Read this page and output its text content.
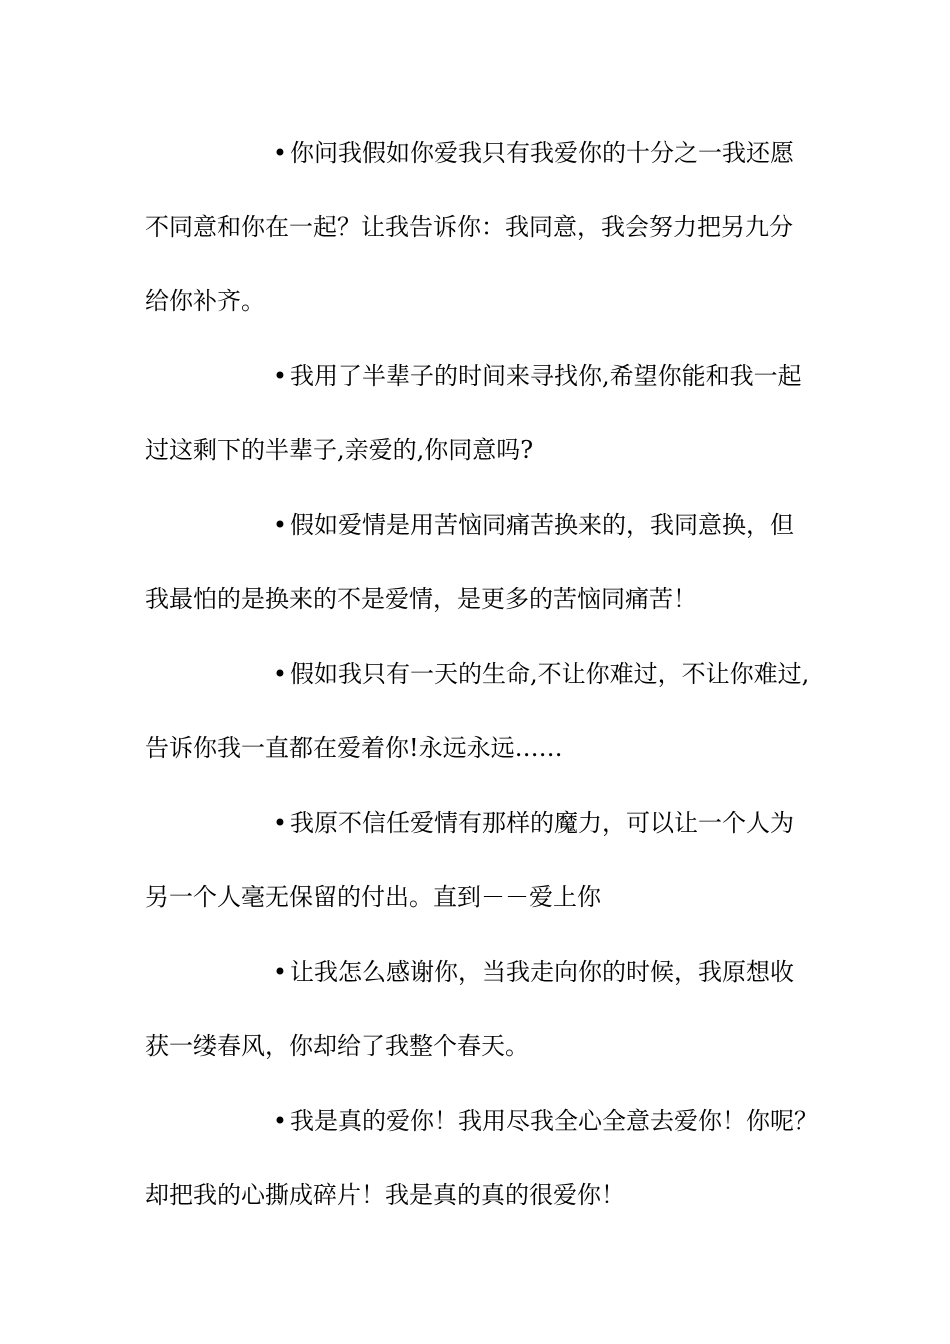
• 你问我假如你爱我只有我爱你的十分之一我还愿
不同意和你在一起？让我告诉你：我同意，我会努力把另九分
给你补齐。
• 我用了半辈子的时间来寻找你,希望你能和我一起
过这剩下的半辈子,亲爱的,你同意吗?
• 假如爱情是用苦恼同痛苦换来的，我同意换，但
我最怕的是换来的不是爱情，是更多的苦恼同痛苦！
• 假如我只有一天的生命,不让你难过，不让你难过,
告诉你我一直都在爱着你!永远永远……
• 我原不信任爱情有那样的魔力，可以让一个人为
另一个人毫无保留的付出。直到－－爱上你
• 让我怎么感谢你，当我走向你的时候，我原想收
获一缕春风，你却给了我整个春天。
• 我是真的爱你！我用尽我全心全意去爱你！你呢？
却把我的心撕成碎片！我是真的真的很爱你！
